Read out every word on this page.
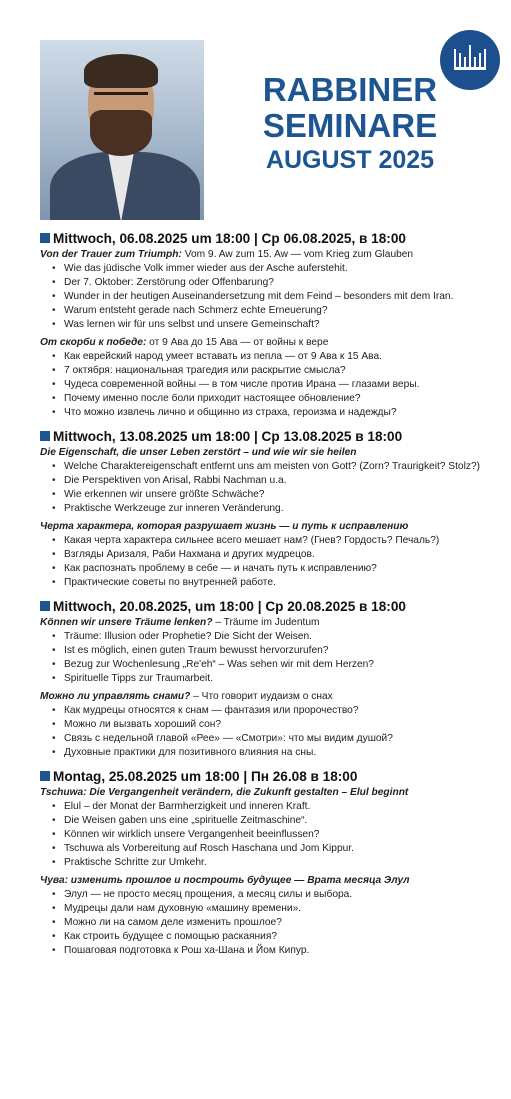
RABBINER
SEMINARE
AUGUST 2025
Mittwoch, 06.08.2025 um 18:00 | Ср 06.08.2025, в 18:00
Von der Trauer zum Triumph: Vom 9. Aw zum 15. Aw — vom Krieg zum Glauben
• Wie das jüdische Volk immer wieder aus der Asche auferstehit.
• Der 7. Oktober: Zerstörung oder Offenbarung?
• Wunder in der heutigen Auseinandersetzung mit dem Feind – besonders mit dem Iran.
• Warum entsteht gerade nach Schmerz echte Erneuerung?
• Was lernen wir für uns selbst und unsere Gemeinschaft?
От скорби к победе: от 9 Ава до 15 Ава — от войны к вере
• Как еврейский народ умеет вставать из пепла — от 9 Ава к 15 Ава.
• 7 октября: национальная трагедия или раскрытие смысла?
• Чудеса современной войны — в том числе против Ирана — глазами веры.
• Почему именно после боли приходит настоящее обновление?
• Что можно извлечь лично и общинно из страха, героизма и надежды?
Mittwoch, 13.08.2025 um 18:00 | Ср 13.08.2025 в 18:00
Die Eigenschaft, die unser Leben zerstört – und wie wir sie heilen
• Welche Charaktereigenschaft entfernt uns am meisten von Gott? (Zorn? Traurigkeit? Stolz?)
• Die Perspektiven von Arisal, Rabbi Nachman u.a.
• Wie erkennen wir unsere größte Schwäche?
• Praktische Werkzeuge zur inneren Veränderung.
Черта характера, которая разрушает жизнь — и путь к исправлению
• Какая черта характера сильнее всего мешает нам? (Гнев? Гордость? Печаль?)
• Взгляды Аризаля, Раби Нахмана и других мудрецов.
• Как распознать проблему в себе — и начать путь к исправлению?
• Практические советы по внутренней работе.
Mittwoch, 20.08.2025, um 18:00 | Ср 20.08.2025 в 18:00
Können wir unsere Träume lenken? – Träume im Judentum
• Träume: Illusion oder Prophetie? Die Sicht der Weisen.
• Ist es möglich, einen guten Traum bewusst hervorzurufen?
• Bezug zur Wochenlesung „Re'eh“ – Was sehen wir mit dem Herzen?
• Spirituelle Tipps zur Traumarbeit.
Можно ли управлять снами? – Что говорит иудаизм о снах
• Как мудрецы относятся к снам — фантазия или пророчество?
• Можно ли вызвать хороший сон?
• Связь с недельной главой «Рее» — «Смотри»: что мы видим душой?
• Духовные практики для позитивного влияния на сны.
Montag, 25.08.2025 um 18:00 | Пн 26.08 в 18:00
Tschuwa: Die Vergangenheit verändern, die Zukunft gestalten – Elul beginnt
• Elul – der Monat der Barmherzigkeit und inneren Kraft.
• Die Weisen gaben uns eine „spirituelle Zeitmaschine“.
• Können wir wirklich unsere Vergangenheit beeinflussen?
• Tschuwa als Vorbereitung auf Rosch Haschana und Jom Kippur.
• Praktische Schritte zur Umkehr.
Чува: изменить прошлое и построить будущее — Врата месяца Элул
• Элул — не просто месяц прощения, а месяц силы и выбора.
• Мудрецы дали нам духовную «машину времени».
• Можно ли на самом деле изменить прошлое?
• Как строить будущее с помощью раскаяния?
• Пошаговая подготовка к Рош ха-Шана и Йом Кипур.
